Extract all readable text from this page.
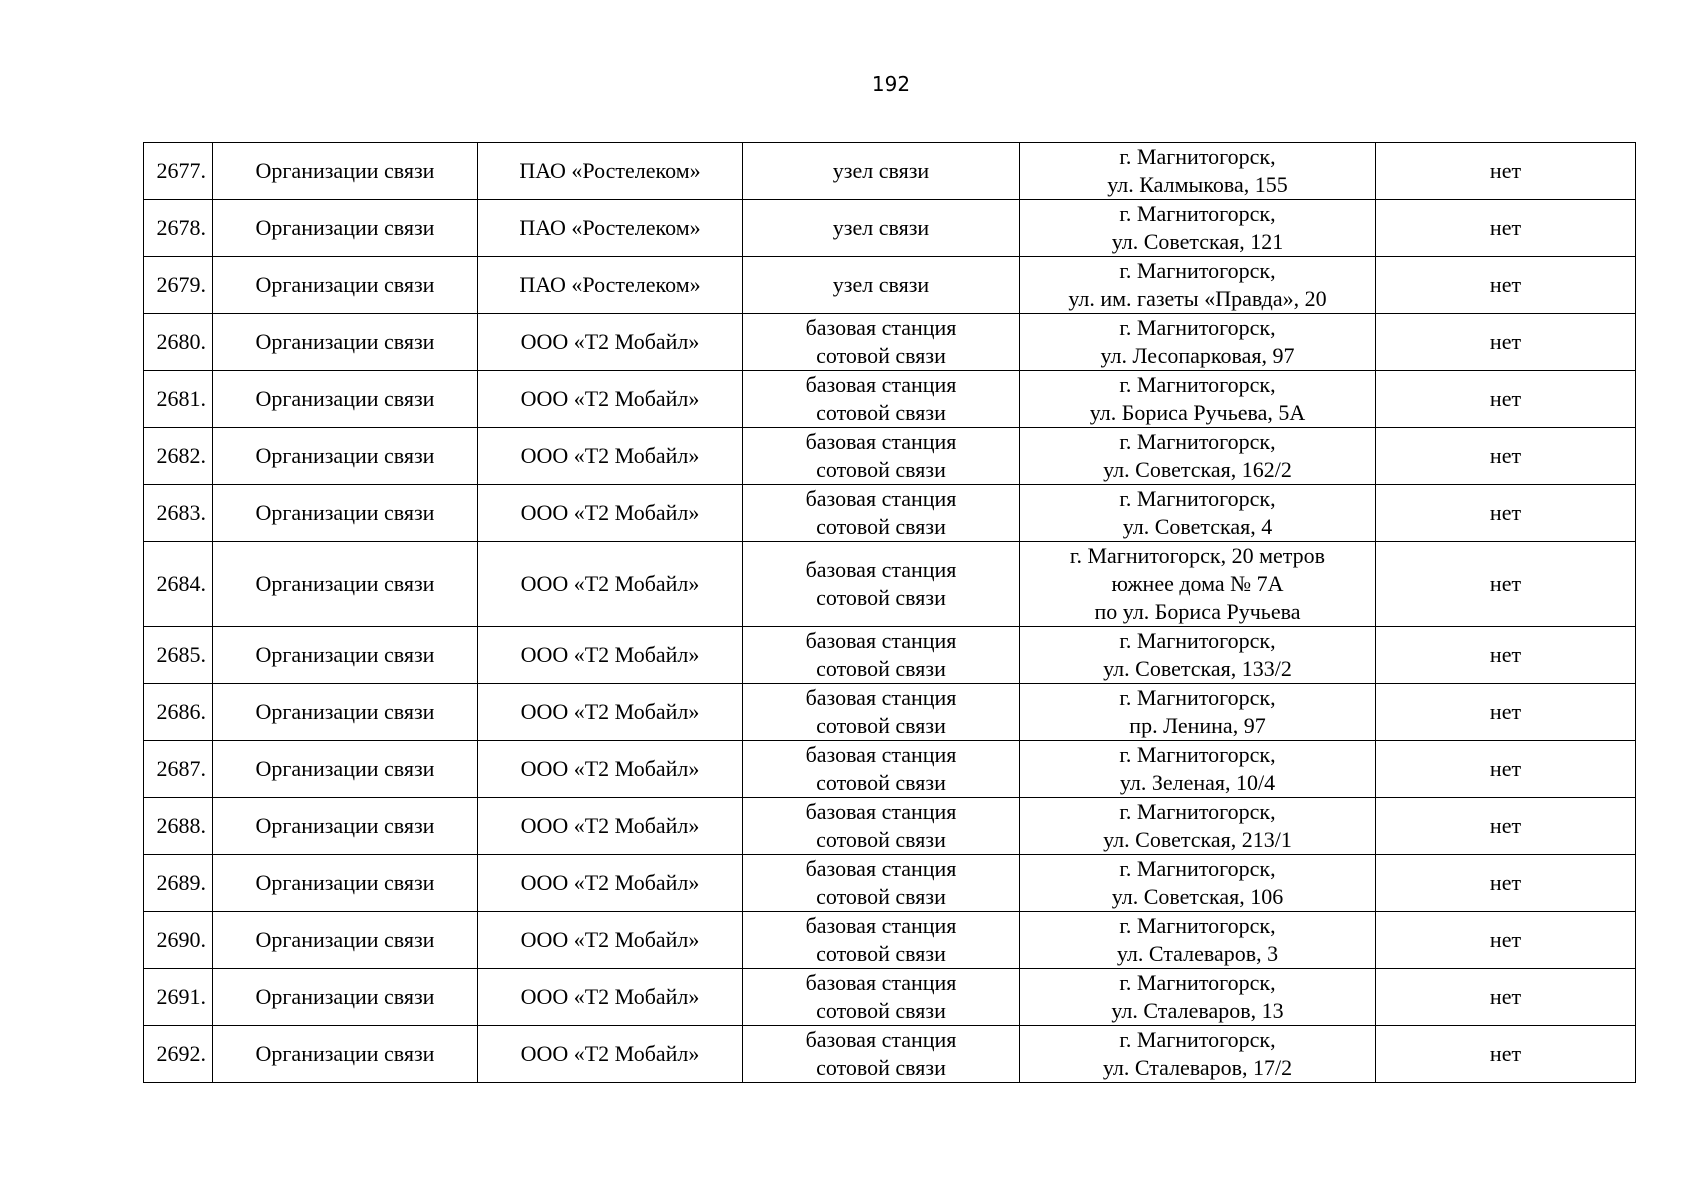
192
2677.	Организации связи	ПАО «Ростелеком»	узел связи	г. Магнитогорск,
ул. Калмыкова, 155	нет
2678.	Организации связи	ПАО «Ростелеком»	узел связи	г. Магнитогорск,
ул. Советская, 121	нет
2679.	Организации связи	ПАО «Ростелеком»	узел связи	г. Магнитогорск,
ул. им. газеты «Правда», 20	нет
2680.	Организации связи	ООО «Т2 Мобайл»	базовая станция
сотовой связи	г. Магнитогорск,
ул. Лесопарковая, 97	нет
2681.	Организации связи	ООО «Т2 Мобайл»	базовая станция
сотовой связи	г. Магнитогорск,
ул. Бориса Ручьева, 5А	нет
2682.	Организации связи	ООО «Т2 Мобайл»	базовая станция
сотовой связи	г. Магнитогорск,
ул. Советская, 162/2	нет
2683.	Организации связи	ООО «Т2 Мобайл»	базовая станция
сотовой связи	г. Магнитогорск,
ул. Советская, 4	нет
2684.	Организации связи	ООО «Т2 Мобайл»	базовая станция
сотовой связи	г. Магнитогорск, 20 метров
южнее дома № 7А
по ул. Бориса Ручьева	нет
2685.	Организации связи	ООО «Т2 Мобайл»	базовая станция
сотовой связи	г. Магнитогорск,
ул. Советская, 133/2	нет
2686.	Организации связи	ООО «Т2 Мобайл»	базовая станция
сотовой связи	г. Магнитогорск,
пр. Ленина, 97	нет
2687.	Организации связи	ООО «Т2 Мобайл»	базовая станция
сотовой связи	г. Магнитогорск,
ул. Зеленая, 10/4	нет
2688.	Организации связи	ООО «Т2 Мобайл»	базовая станция
сотовой связи	г. Магнитогорск,
ул. Советская, 213/1	нет
2689.	Организации связи	ООО «Т2 Мобайл»	базовая станция
сотовой связи	г. Магнитогорск,
ул. Советская, 106	нет
2690.	Организации связи	ООО «Т2 Мобайл»	базовая станция
сотовой связи	г. Магнитогорск,
ул. Сталеваров, 3	нет
2691.	Организации связи	ООО «Т2 Мобайл»	базовая станция
сотовой связи	г. Магнитогорск,
ул. Сталеваров, 13	нет
2692.	Организации связи	ООО «Т2 Мобайл»	базовая станция
сотовой связи	г. Магнитогорск,
ул. Сталеваров, 17/2	нет
